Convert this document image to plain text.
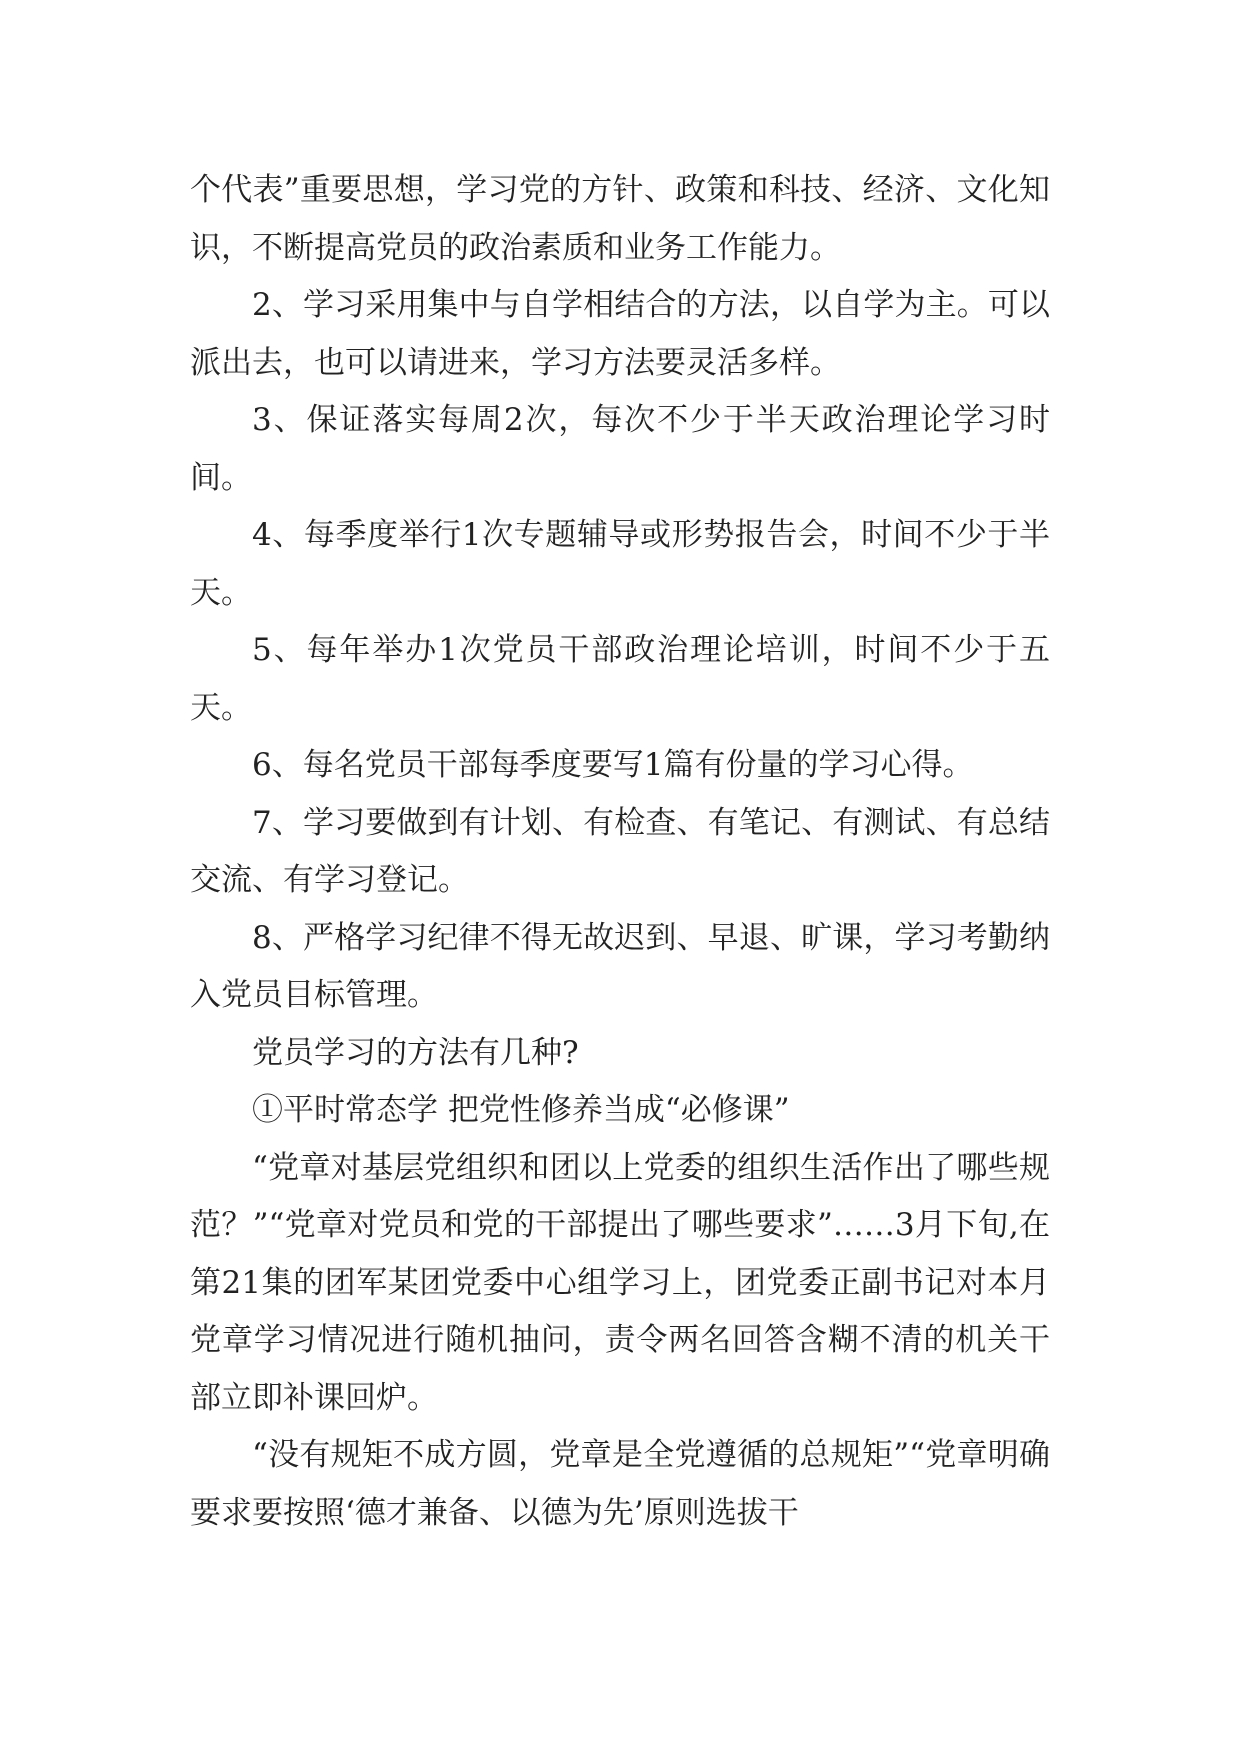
个代表”重要思想，学习党的方针、政策和科技、经济、文化知识，不断提高党员的政治素质和业务工作能力。

2、学习采用集中与自学相结合的方法，以自学为主。可以派出去，也可以请进来，学习方法要灵活多样。

3、保证落实每周2次，每次不少于半天政治理论学习时间。

4、每季度举行1次专题辅导或形势报告会，时间不少于半天。

5、每年举办1次党员干部政治理论培训，时间不少于五天。

6、每名党员干部每季度要写1篇有份量的学习心得。

7、学习要做到有计划、有检查、有笔记、有测试、有总结交流、有学习登记。

8、严格学习纪律不得无故迟到、早退、旷课，学习考勤纳入党员目标管理。

党员学习的方法有几种?

①平时常态学 把党性修养当成“必修课”

“党章对基层党组织和团以上党委的组织生活作出了哪些规范？”“党章对党员和党的干部提出了哪些要求”……3月下旬,在第21集的团军某团党委中心组学习上，团党委正副书记对本月党章学习情况进行随机抽问，责令两名回答含糊不清的机关干部立即补课回炉。

“没有规矩不成方圆，党章是全党遵循的总规矩”“党章明确要求要按照‘德才兼备、以德为先’原则选拔干
